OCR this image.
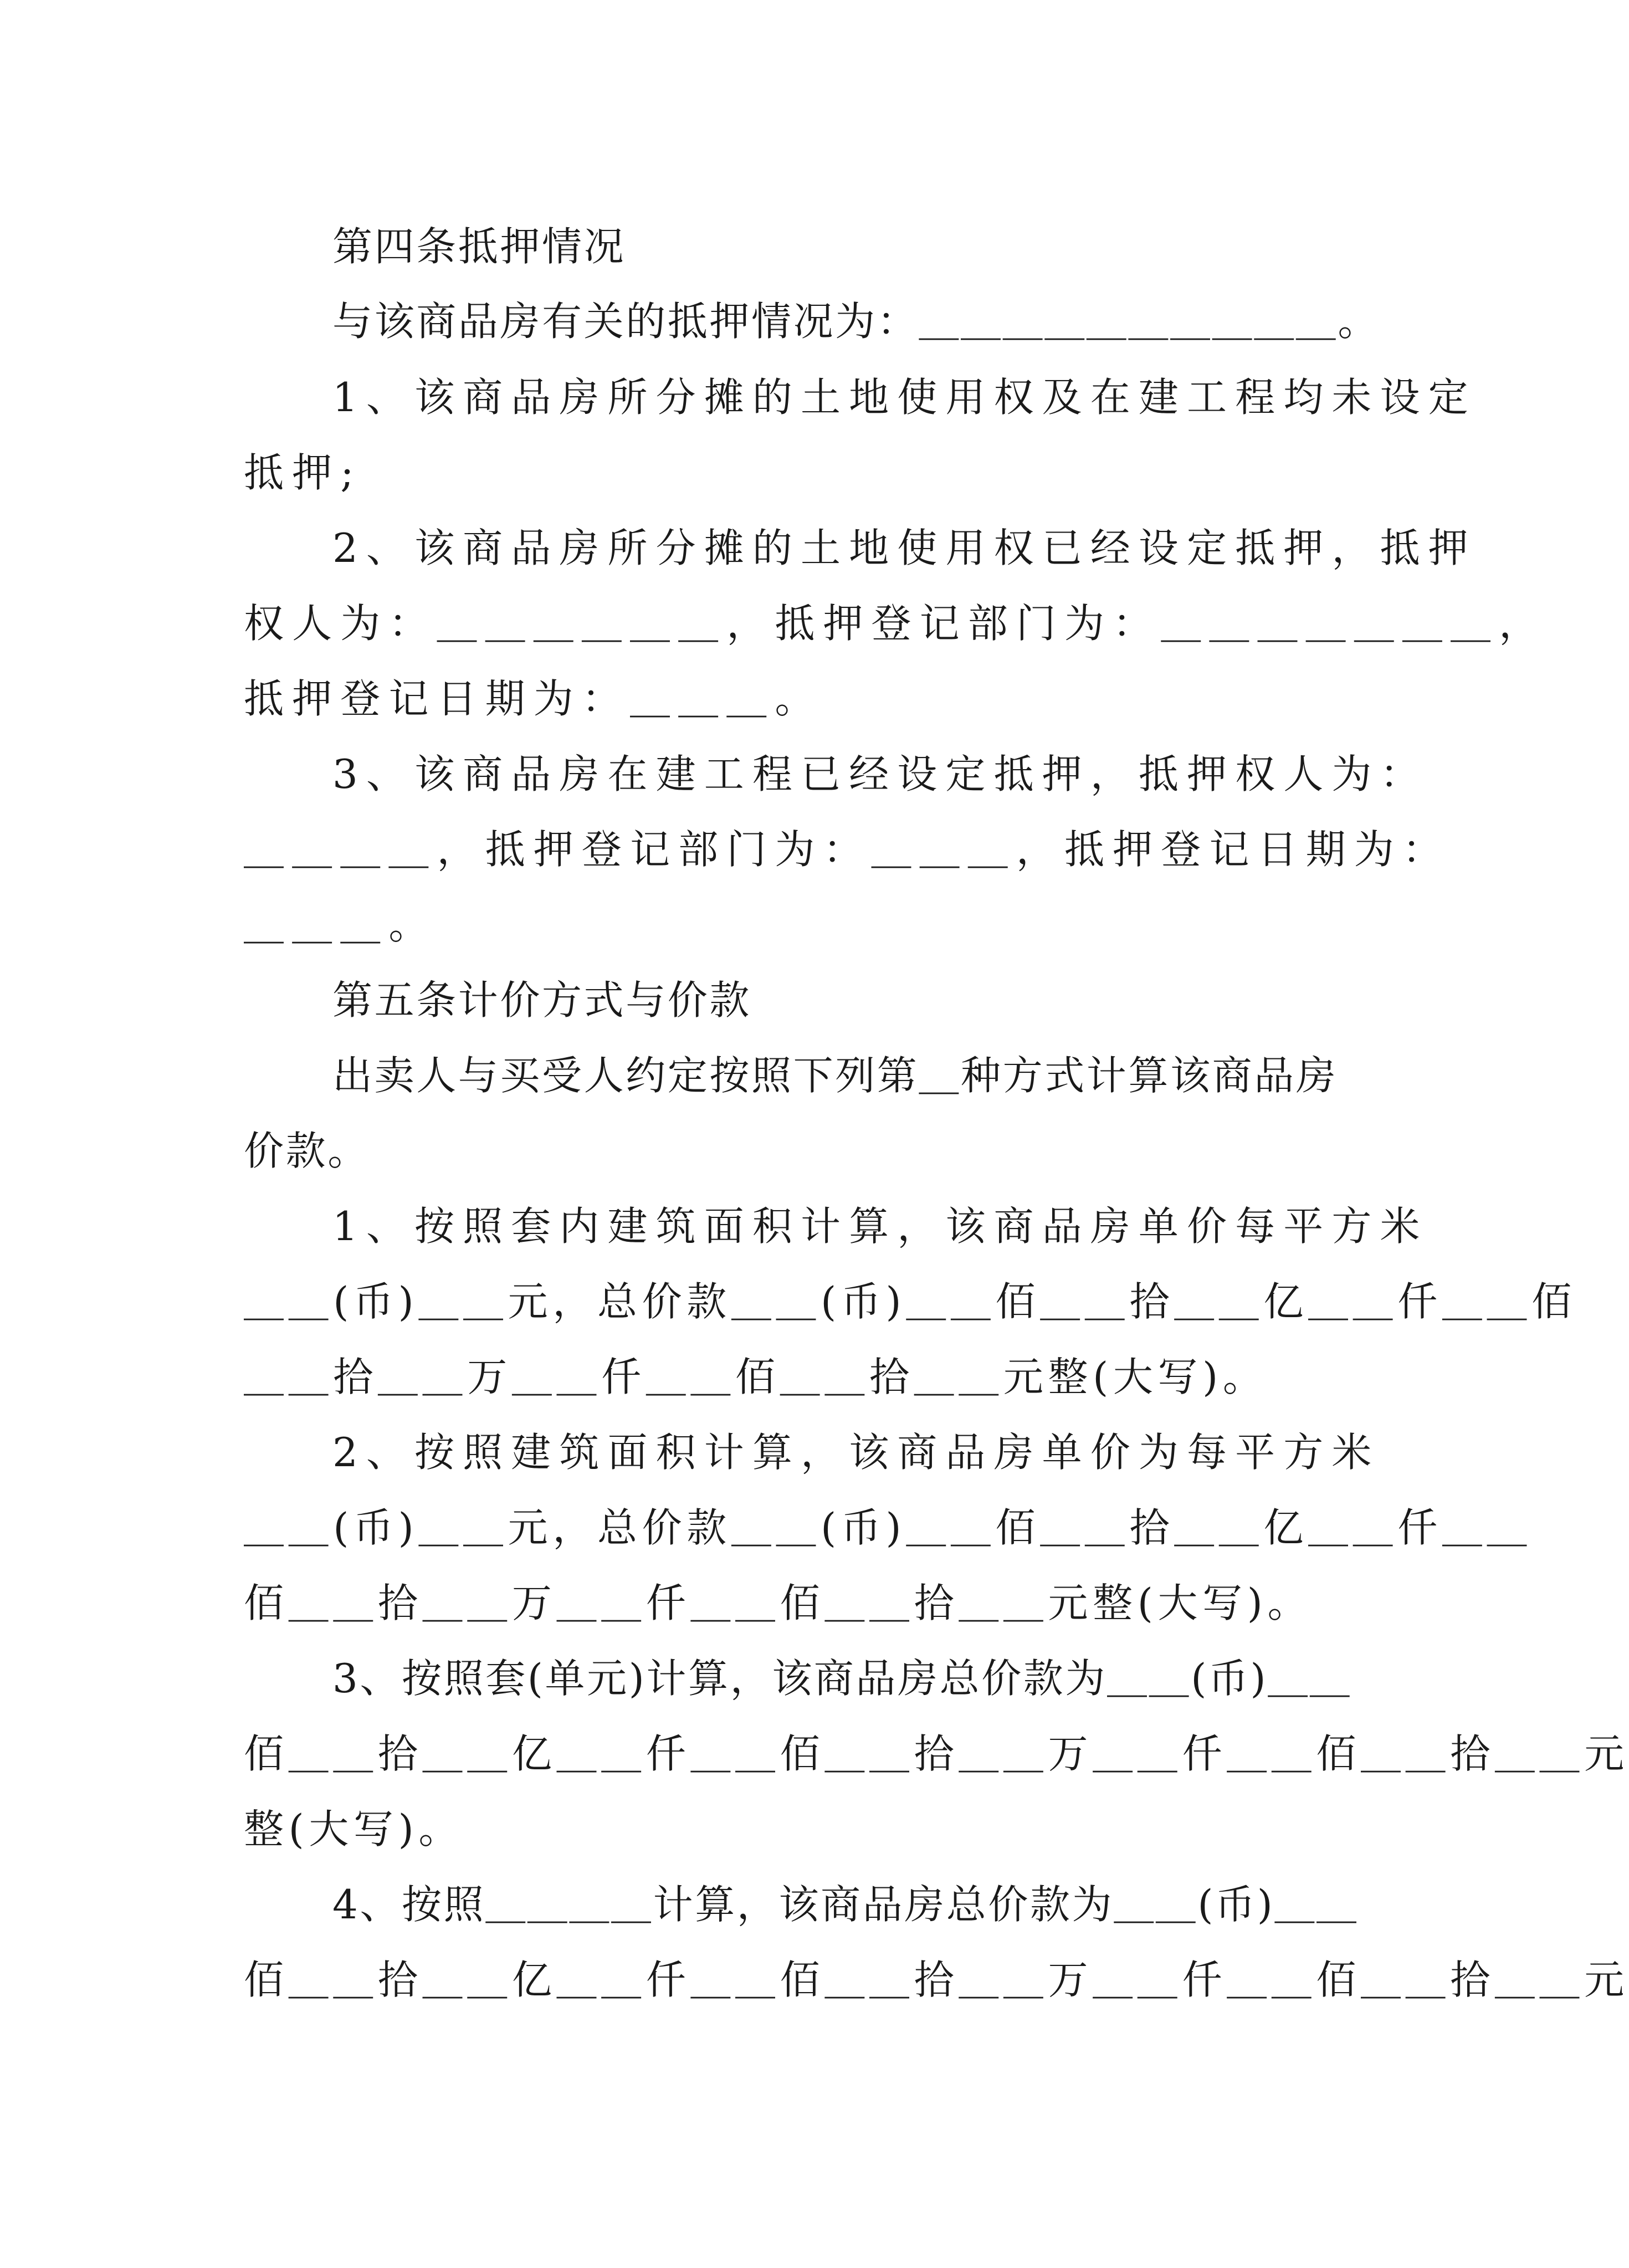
第四条抵押情况
与该商品房有关的抵押情况为：＿＿＿＿＿＿＿＿＿＿。
1、该商品房所分摊的土地使用权及在建工程均未设定
抵押;
2、该商品房所分摊的土地使用权已经设定抵押，抵押
权人为：＿＿＿＿＿＿，抵押登记部门为：＿＿＿＿＿＿＿，
抵押登记日期为：＿＿＿。
3、该商品房在建工程已经设定抵押，抵押权人为：
＿＿＿＿，抵押登记部门为：＿＿＿，抵押登记日期为：
＿＿＿。
第五条计价方式与价款
出卖人与买受人约定按照下列第＿种方式计算该商品房
价款。
1、按照套内建筑面积计算，该商品房单价每平方米
＿＿(币)＿＿元，总价款＿＿(币)＿＿佰＿＿拾＿＿亿＿＿仟＿＿佰
＿＿拾＿＿万＿＿仟＿＿佰＿＿拾＿＿元整(大写)。
2、按照建筑面积计算，该商品房单价为每平方米
＿＿(币)＿＿元，总价款＿＿(币)＿＿佰＿＿拾＿＿亿＿＿仟＿＿
佰＿＿拾＿＿万＿＿仟＿＿佰＿＿拾＿＿元整(大写)。
3、按照套(单元)计算，该商品房总价款为＿＿(币)＿＿
佰＿＿拾＿＿亿＿＿仟＿＿佰＿＿拾＿＿万＿＿仟＿＿佰＿＿拾＿＿元
整(大写)。
4、按照＿＿＿＿计算，该商品房总价款为＿＿(币)＿＿
佰＿＿拾＿＿亿＿＿仟＿＿佰＿＿拾＿＿万＿＿仟＿＿佰＿＿拾＿＿元
